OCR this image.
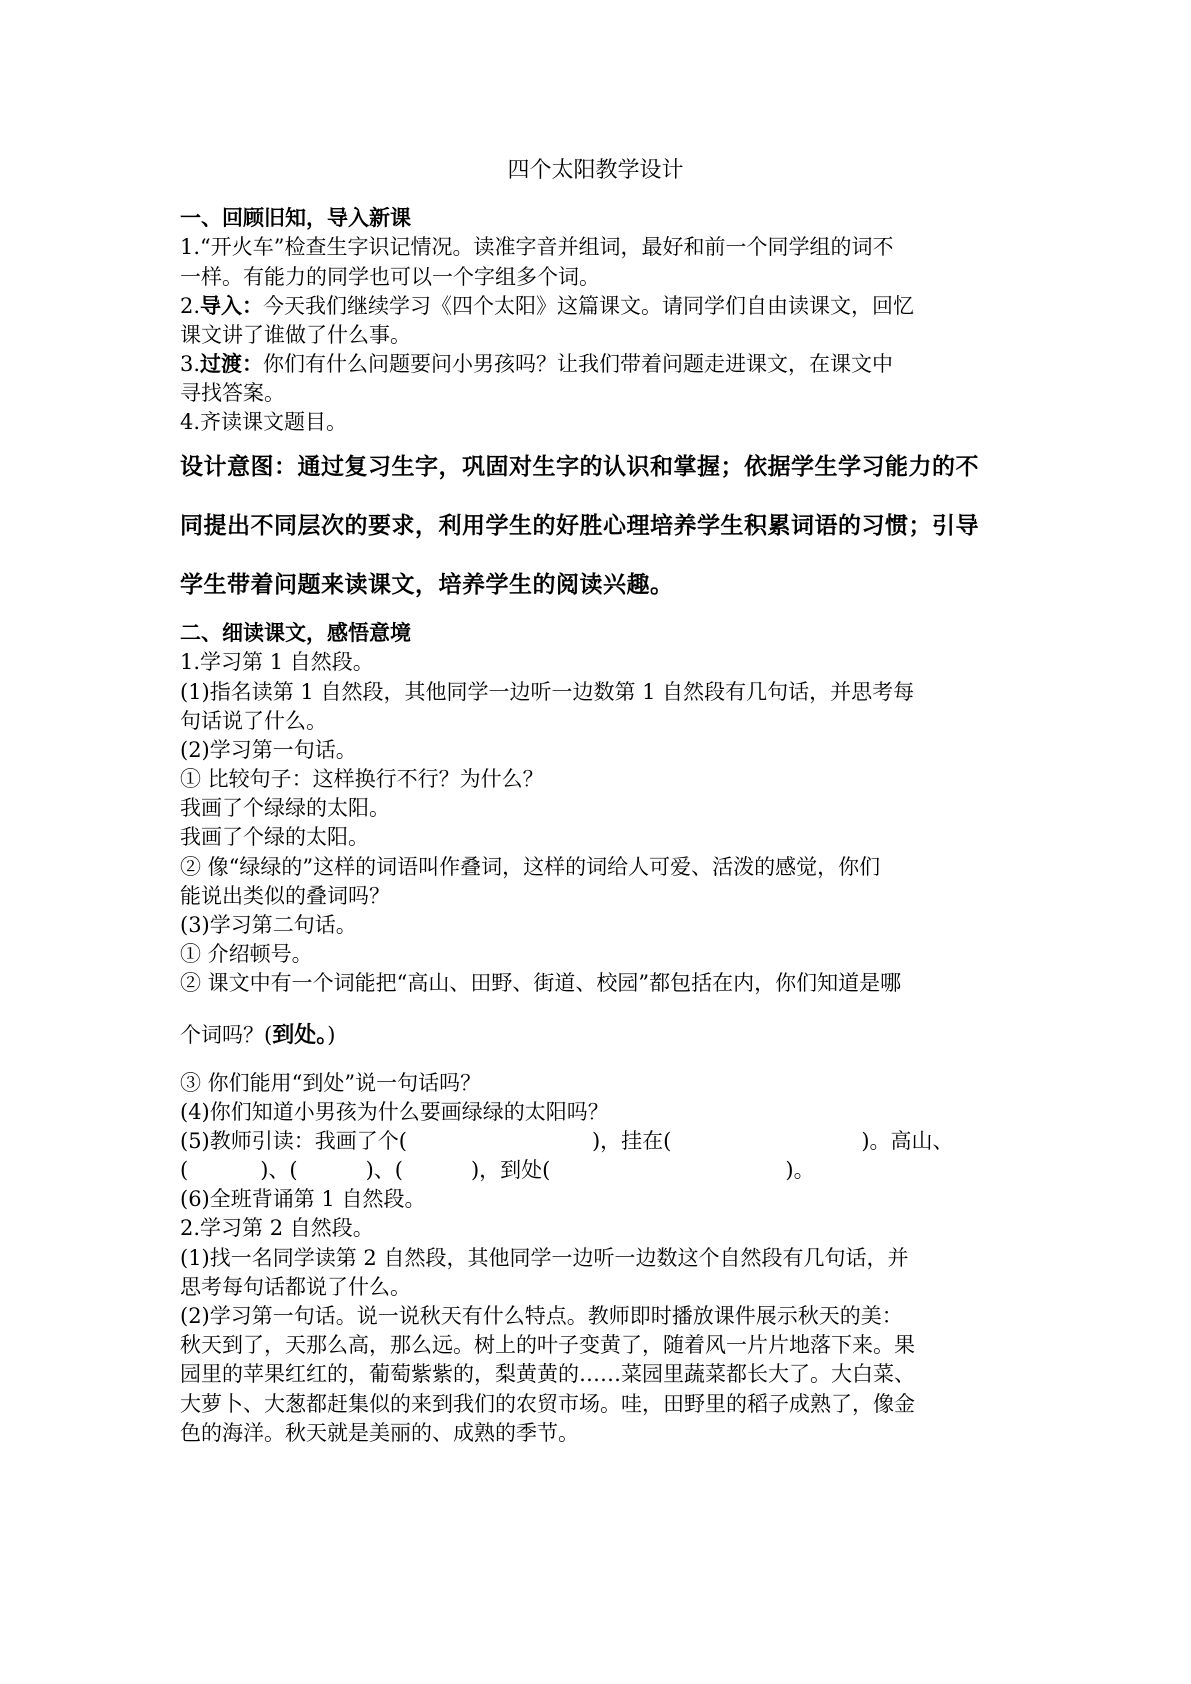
四个太阳教学设计
一、回顾旧知，导入新课
1.“开火车”检查生字识记情况。读准字音并组词，最好和前一个同学组的词不
一样。有能力的同学也可以一个字组多个词。
2.导入：今天我们继续学习《四个太阳》这篇课文。请同学们自由读课文，回忆
课文讲了谁做了什么事。
3.过渡：你们有什么问题要问小男孩吗？让我们带着问题走进课文，在课文中
寻找答案。
4.齐读课文题目。
设计意图：通过复习生字，巩固对生字的认识和掌握；依据学生学习能力的不
同提出不同层次的要求，利用学生的好胜心理培养学生积累词语的习惯；引导
学生带着问题来读课文，培养学生的阅读兴趣。
二、细读课文，感悟意境
1.学习第 1 自然段。
(1)指名读第 1 自然段，其他同学一边听一边数第 1 自然段有几句话，并思考每
句话说了什么。
(2)学习第一句话。
① 比较句子：这样换行不行？为什么？
我画了个绿绿的太阳。
我画了个绿的太阳。
② 像“绿绿的”这样的词语叫作叠词，这样的词给人可爱、活泼的感觉，你们
能说出类似的叠词吗？
(3)学习第二句话。
① 介绍顿号。
② 课文中有一个词能把“高山、田野、街道、校园”都包括在内，你们知道是哪
个词吗？(到处。)
③ 你们能用“到处”说一句话吗？
(4)你们知道小男孩为什么要画绿绿的太阳吗？
(5)教师引读：我画了个(	)，挂在(	)。高山、
(	)、(	)、(	)，到处(	)。
(6)全班背诵第 1 自然段。
2.学习第 2 自然段。
(1)找一名同学读第 2 自然段，其他同学一边听一边数这个自然段有几句话，并
思考每句话都说了什么。
(2)学习第一句话。说一说秋天有什么特点。教师即时播放课件展示秋天的美：
秋天到了，天那么高，那么远。树上的叶子变黄了，随着风一片片地落下来。果
园里的苹果红红的，葡萄紫紫的，梨黄黄的……菜园里蔬菜都长大了。大白菜、
大萝卜、大葱都赶集似的来到我们的农贸市场。哇，田野里的稻子成熟了，像金
色的海洋。秋天就是美丽的、成熟的季节。
